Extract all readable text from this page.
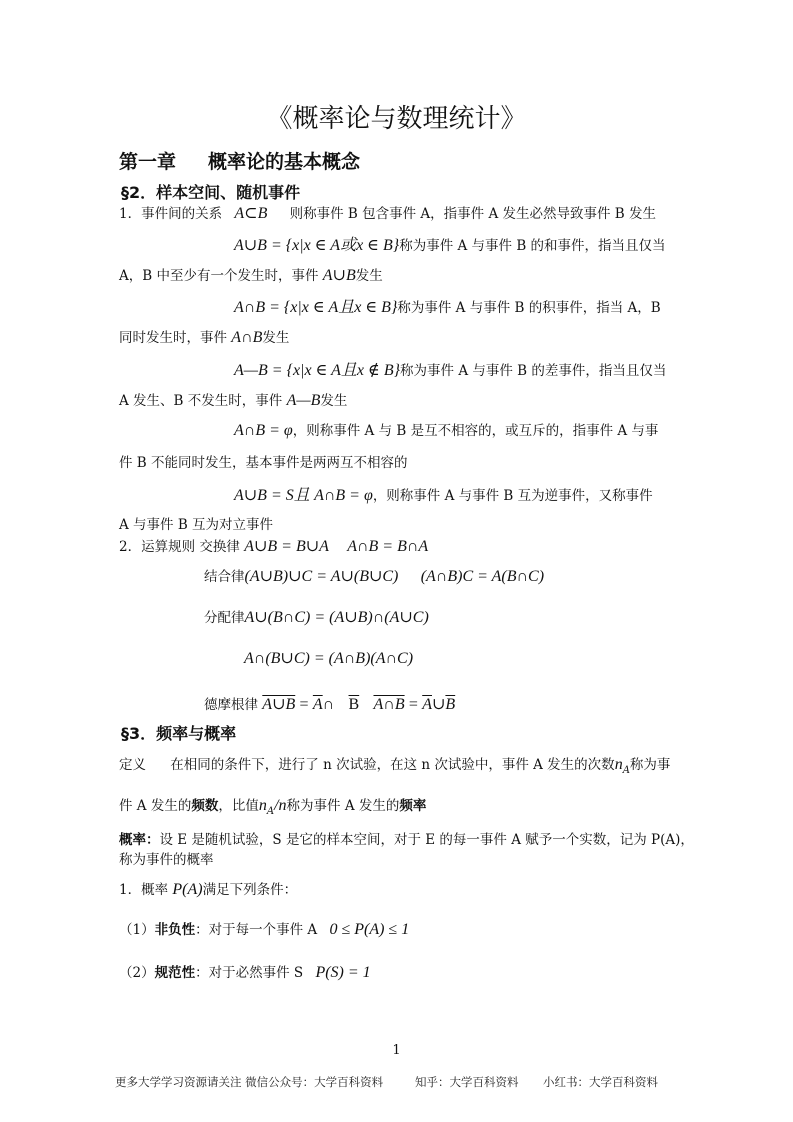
《概率论与数理统计》
第一章 概率论的基本概念
§2．样本空间、随机事件
1．事件间的关系 A⊂B 则称事件 B 包含事件 A，指事件 A 发生必然导致事件 B 发生
A∪B = {x|x ∈ A或x ∈ B}称为事件 A 与事件 B 的和事件，指当且仅当
A，B 中至少有一个发生时，事件 A∪B发生
A∩B = {x|x ∈ A且x ∈ B}称为事件 A 与事件 B 的积事件，指当 A，B
同时发生时，事件 A∩B发生
A—B = {x|x ∈ A且x ∉ B}称为事件 A 与事件 B 的差事件，指当且仅当
A 发生、B 不发生时，事件 A—B发生
A∩B = φ，则称事件 A 与 B 是互不相容的，或互斥的，指事件 A 与事
件 B 不能同时发生，基本事件是两两互不相容的
A∪B = S且 A∩B = φ，则称事件 A 与事件 B 互为逆事件，又称事件
A 与事件 B 互为对立事件
2．运算规则 交换律 A∪B = B∪A A∩B = B∩A
结合律(A∪B)∪C = A∪(B∪C) (A∩B)C = A(B∩C)
分配律A∪(B∩C) = (A∪B)∩(A∪C)
A∩(B∪C) = (A∩B)(A∩C)
德摩根律 A∪B = $\overline{A}\cap$ $\overline{B}$ A∩B = $\overline{A}\cup\overline{B}$
§3．频率与概率
定义 在相同的条件下，进行了 n 次试验，在这 n 次试验中，事件 A 发生的次数$n_A$称为事
件 A 发生的频数，比值$n_A/n$称为事件 A 发生的频率
概率：设 E 是随机试验，S 是它的样本空间，对于 E 的每一事件 A 赋予一个实数，记为 P(A)，
称为事件的概率
1．概率 P(A)满足下列条件：
（1）非负性：对于每一个事件 A 0 ≤ P(A) ≤ 1
（2）规范性：对于必然事件 S P(S) = 1
1
更多大学学习资源请关注 微信公众号：大学百科资料	知乎：大学百科资料 小红书：大学百科资料
